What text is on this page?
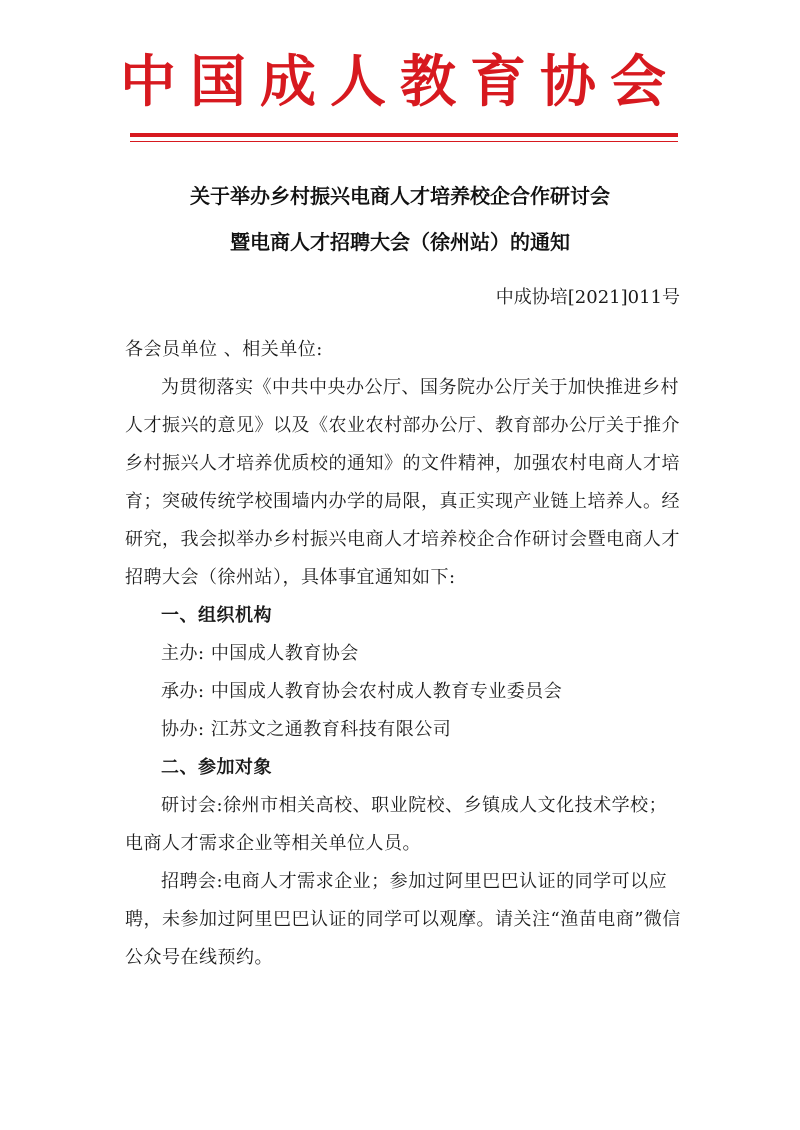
中国成人教育协会
关于举办乡村振兴电商人才培养校企合作研讨会
暨电商人才招聘大会（徐州站）的通知
中成协培[2021]011号

各会员单位 、相关单位:

为贯彻落实《中共中央办公厅、国务院办公厅关于加快推进乡村人才振兴的意见》以及《农业农村部办公厅、教育部办公厅关于推介乡村振兴人才培养优质校的通知》的文件精神，加强农村电商人才培育；突破传统学校围墙内办学的局限，真正实现产业链上培养人。经研究，我会拟举办乡村振兴电商人才培养校企合作研讨会暨电商人才招聘大会（徐州站），具体事宜通知如下:

一、组织机构

主办: 中国成人教育协会

承办: 中国成人教育协会农村成人教育专业委员会

协办: 江苏文之通教育科技有限公司

二、参加对象

研讨会:徐州市相关高校、职业院校、乡镇成人文化技术学校；电商人才需求企业等相关单位人员。

招聘会:电商人才需求企业；参加过阿里巴巴认证的同学可以应聘，未参加过阿里巴巴认证的同学可以观摩。请关注“渔苗电商”微信公众号在线预约。
